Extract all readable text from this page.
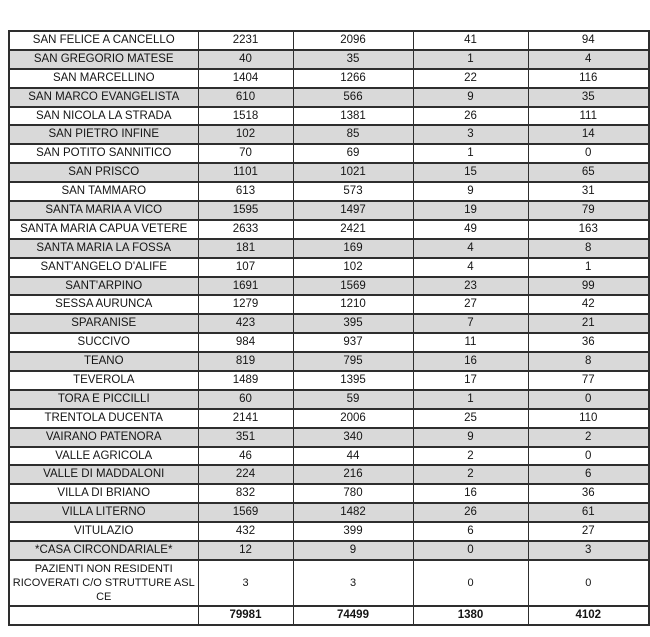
SAN FELICE A CANCELLO	2231	2096	41	94
SAN GREGORIO MATESE	40	35	1	4
SAN MARCELLINO	1404	1266	22	116
SAN MARCO EVANGELISTA	610	566	9	35
SAN NICOLA LA STRADA	1518	1381	26	111
SAN PIETRO INFINE	102	85	3	14
SAN POTITO SANNITICO	70	69	1	0
SAN PRISCO	1101	1021	15	65
SAN TAMMARO	613	573	9	31
SANTA MARIA A VICO	1595	1497	19	79
SANTA MARIA CAPUA VETERE	2633	2421	49	163
SANTA MARIA LA FOSSA	181	169	4	8
SANT'ANGELO D'ALIFE	107	102	4	1
SANT'ARPINO	1691	1569	23	99
SESSA AURUNCA	1279	1210	27	42
SPARANISE	423	395	7	21
SUCCIVO	984	937	11	36
TEANO	819	795	16	8
TEVEROLA	1489	1395	17	77
TORA E PICCILLI	60	59	1	0
TRENTOLA DUCENTA	2141	2006	25	110
VAIRANO PATENORA	351	340	9	2
VALLE AGRICOLA	46	44	2	0
VALLE DI MADDALONI	224	216	2	6
VILLA DI BRIANO	832	780	16	36
VILLA LITERNO	1569	1482	26	61
VITULAZIO	432	399	6	27
*CASA CIRCONDARIALE*	12	9	0	3
PAZIENTI NON RESIDENTI RICOVERATI C/O STRUTTURE ASL CE	3	3	0	0
	79981	74499	1380	4102
